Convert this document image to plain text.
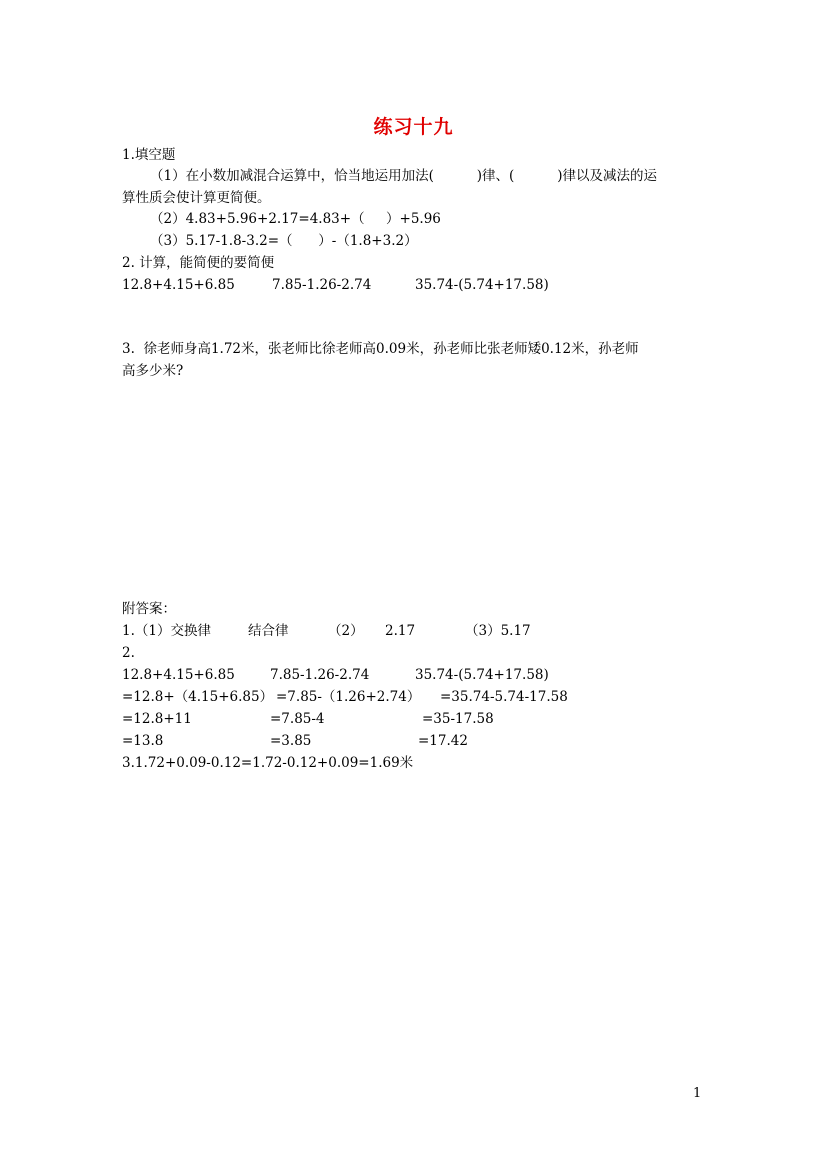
练习十九
1.填空题
（1）在小数加减混合运算中，恰当地运用加法(          )律、(          )律以及减法的运
算性质会使计算更简便。
（2）4.83+5.96+2.17=4.83+（     ）+5.96
（3）5.17-1.8-3.2=（      ）-（1.8+3.2）
2. 计算，能简便的要简便
12.8+4.15+6.85	7.85-1.26-2.74	35.74-(5.74+17.58)
3.  徐老师身高1.72米，张老师比徐老师高0.09米，孙老师比张老师矮0.12米，孙老师
高多少米?
附答案：
1.（1）交换律	结合律	（2） 2.17	（3）5.17
2.
12.8+4.15+6.85	7.85-1.26-2.74	35.74-(5.74+17.58)
=12.8+（4.15+6.85） =7.85-（1.26+2.74） =35.74-5.74-17.58
=12.8+11	=7.85-4	=35-17.58
=13.8	=3.85	=17.42
3.1.72+0.09-0.12=1.72-0.12+0.09=1.69米
1
